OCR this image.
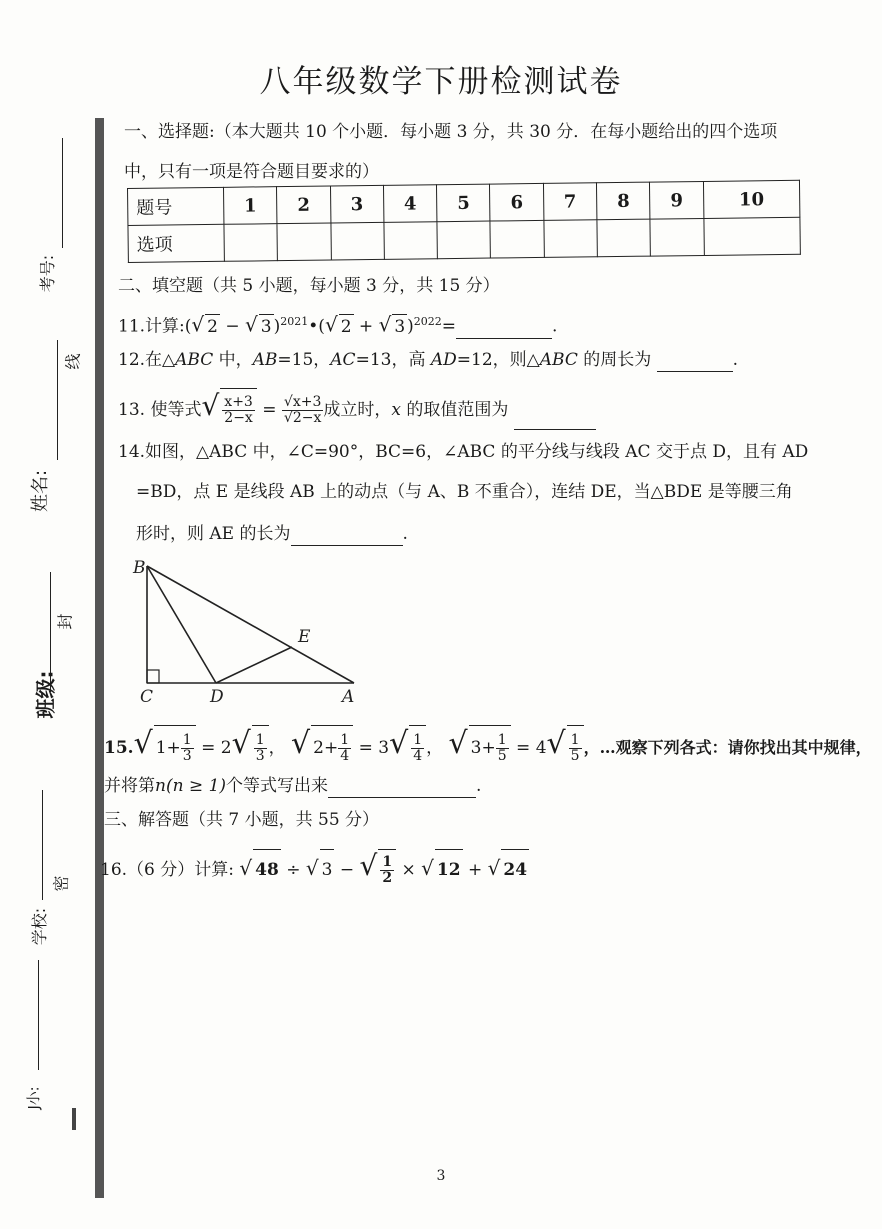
八年级数学下册检测试卷
考号:
线
姓名:
封
班级:
密
学校:
J小:
一、选择题:（本大题共 10 个小题．每小题 3 分，共 30 分．在每小题给出的四个选项
中，只有一项是符合题目要求的）
题号	1	2	3	4	5	6	7	8	9	10
选项										
二、填空题（共 5 小题，每小题 3 分，共 15 分）
11.计算:(√ 2 − √ 3 )$^{2021}$•(√ 2 + √ 3 )$^{2022}$=	.
12.在△ABC 中，AB=15，AC=13，高 AD=12，则△ABC 的周长为	.
13. 使等式√ $\frac{x+3}{2-x} = \frac{√x+3}{√2-x}$ 成立时，x 的取值范围为
14.如图，△ABC 中，∠C=90°，BC=6，∠ABC 的平分线与线段 AC 交于点 D，且有 AD
=BD，点 E 是线段 AB 上的动点（与 A、B 不重合），连结 DE，当△BDE 是等腰三角
形时，则 AE 的长为	.
B
C	D
E
A
15.√ $1+ \frac{1}{3} = 2√ \frac{1}{3}$ ， √ $2+ \frac{1}{4} = 3√ \frac{1}{4}$ ， √ $3+ \frac{1}{5} = 4√ \frac{1}{5}$ ，…观察下列各式：请你找出其中规律，
并将第n(n ≥ 1)个等式写出来	.
三、解答题（共 7 小题，共 55 分）
16.（6 分）计算: √ 48 ÷ √ 3 − √ $\frac{1}{2}$ × √ 12 + √ 24
3
